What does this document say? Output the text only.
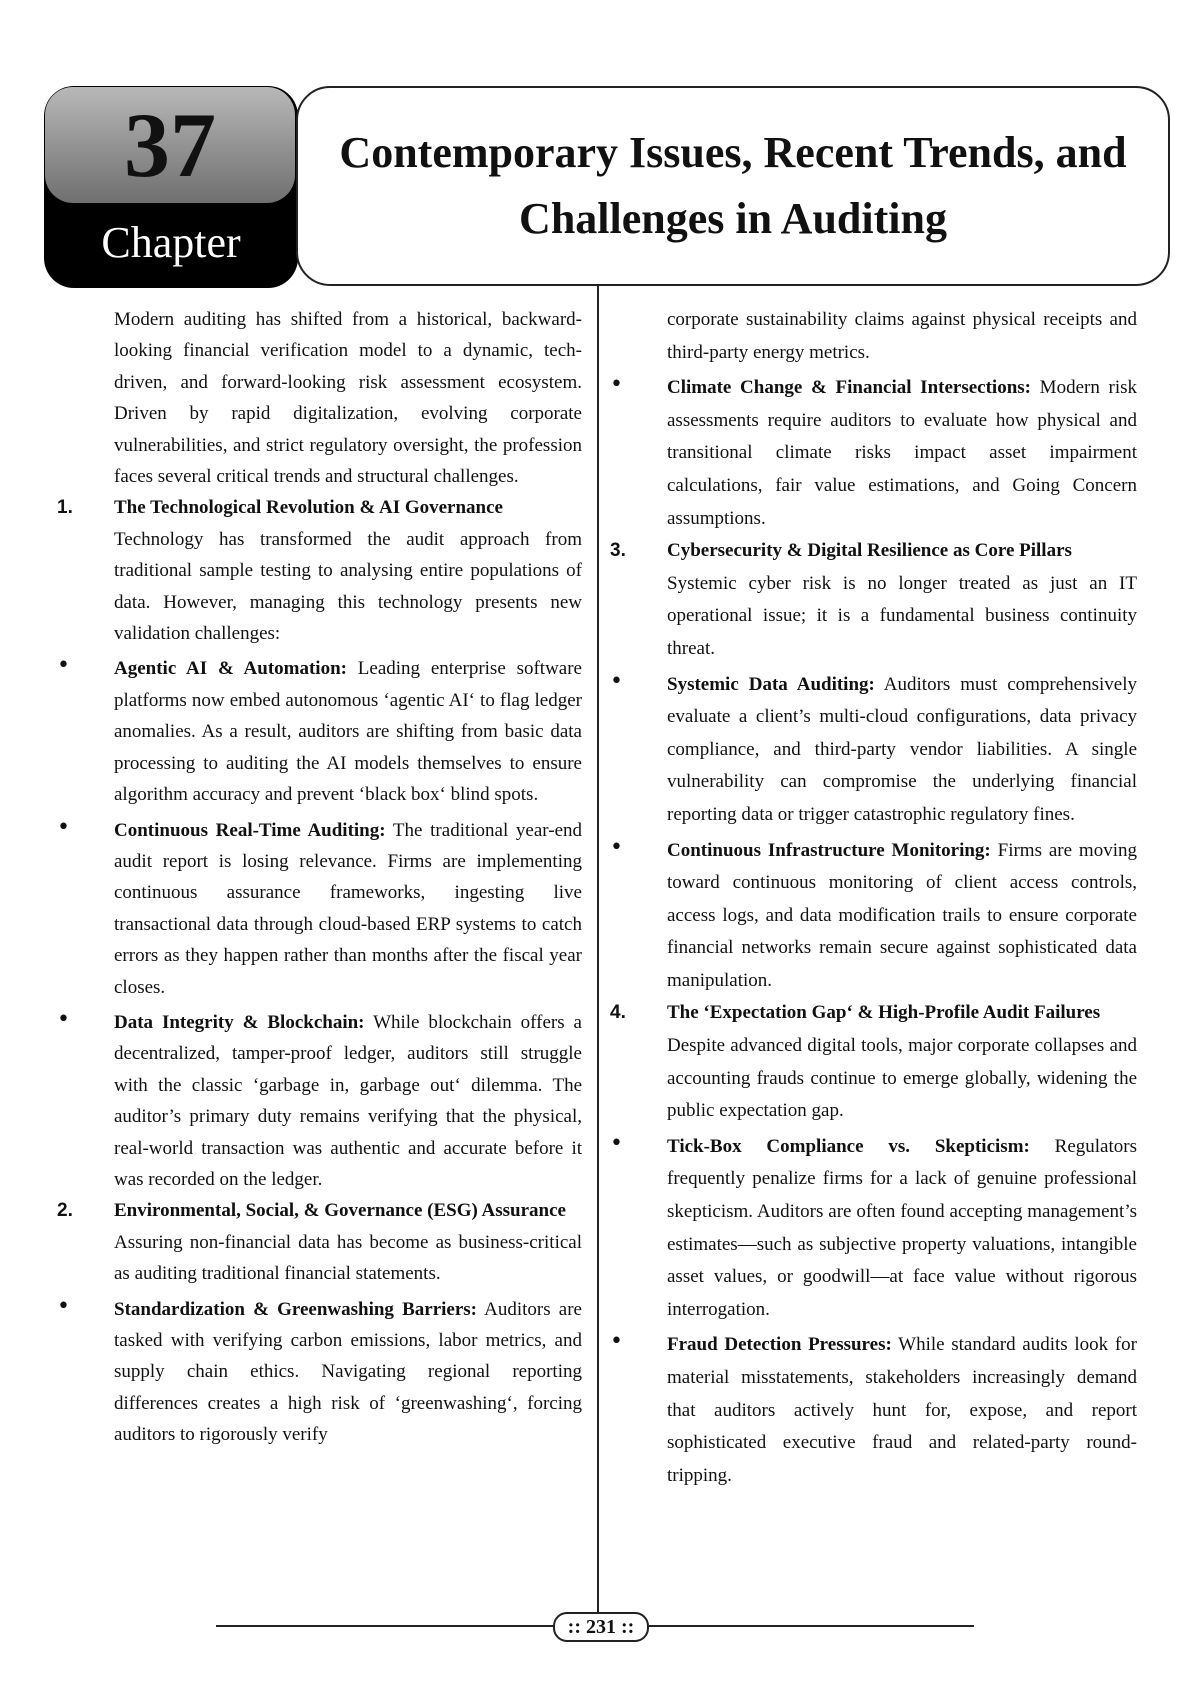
37
Chapter
Contemporary Issues, Recent Trends, and
Challenges in Auditing

Modern auditing has shifted from a historical, backward-looking financial verification model to a dynamic, tech-driven, and forward-looking risk assessment ecosystem. Driven by rapid digitalization, evolving corporate vulnerabilities, and strict regulatory oversight, the profession faces several critical trends and structural challenges.

1.	The Technological Revolution & AI Governance

Technology has transformed the audit approach from traditional sample testing to analysing entire populations of data. However, managing this technology presents new validation challenges:

• Agentic AI & Automation: Leading enterprise software platforms now embed autonomous ‘agentic AI‘ to flag ledger anomalies. As a result, auditors are shifting from basic data processing to auditing the AI models themselves to ensure algorithm accuracy and prevent ‘black box‘ blind spots.

• Continuous Real-Time Auditing: The traditional year-end audit report is losing relevance. Firms are implementing continuous assurance frameworks, ingesting live transactional data through cloud-based ERP systems to catch errors as they happen rather than months after the fiscal year closes.

• Data Integrity & Blockchain: While blockchain offers a decentralized, tamper-proof ledger, auditors still struggle with the classic ‘garbage in, garbage out‘ dilemma. The auditor’s primary duty remains verifying that the physical, real-world transaction was authentic and accurate before it was recorded on the ledger.

2.	Environmental, Social, & Governance (ESG) Assurance

Assuring non-financial data has become as business-critical as auditing traditional financial statements.

• Standardization & Greenwashing Barriers: Auditors are tasked with verifying carbon emissions, labor metrics, and supply chain ethics. Navigating regional reporting differences creates a high risk of ‘greenwashing‘, forcing auditors to rigorously verify

corporate sustainability claims against physical receipts and third-party energy metrics.

• Climate Change & Financial Intersections: Modern risk assessments require auditors to evaluate how physical and transitional climate risks impact asset impairment calculations, fair value estimations, and Going Concern assumptions.

3.	Cybersecurity & Digital Resilience as Core Pillars

Systemic cyber risk is no longer treated as just an IT operational issue; it is a fundamental business continuity threat.

• Systemic Data Auditing: Auditors must comprehensively evaluate a client’s multi-cloud configurations, data privacy compliance, and third-party vendor liabilities. A single vulnerability can compromise the underlying financial reporting data or trigger catastrophic regulatory fines.

• Continuous Infrastructure Monitoring: Firms are moving toward continuous monitoring of client access controls, access logs, and data modification trails to ensure corporate financial networks remain secure against sophisticated data manipulation.

4.	The ‘Expectation Gap‘ & High-Profile Audit Failures

Despite advanced digital tools, major corporate collapses and accounting frauds continue to emerge globally, widening the public expectation gap.

• Tick-Box Compliance vs. Skepticism: Regulators frequently penalize firms for a lack of genuine professional skepticism. Auditors are often found accepting management’s estimates—such as subjective property valuations, intangible asset values, or goodwill—at face value without rigorous interrogation.

• Fraud Detection Pressures: While standard audits look for material misstatements, stakeholders increasingly demand that auditors actively hunt for, expose, and report sophisticated executive fraud and related-party round-tripping.

:: 231 ::
